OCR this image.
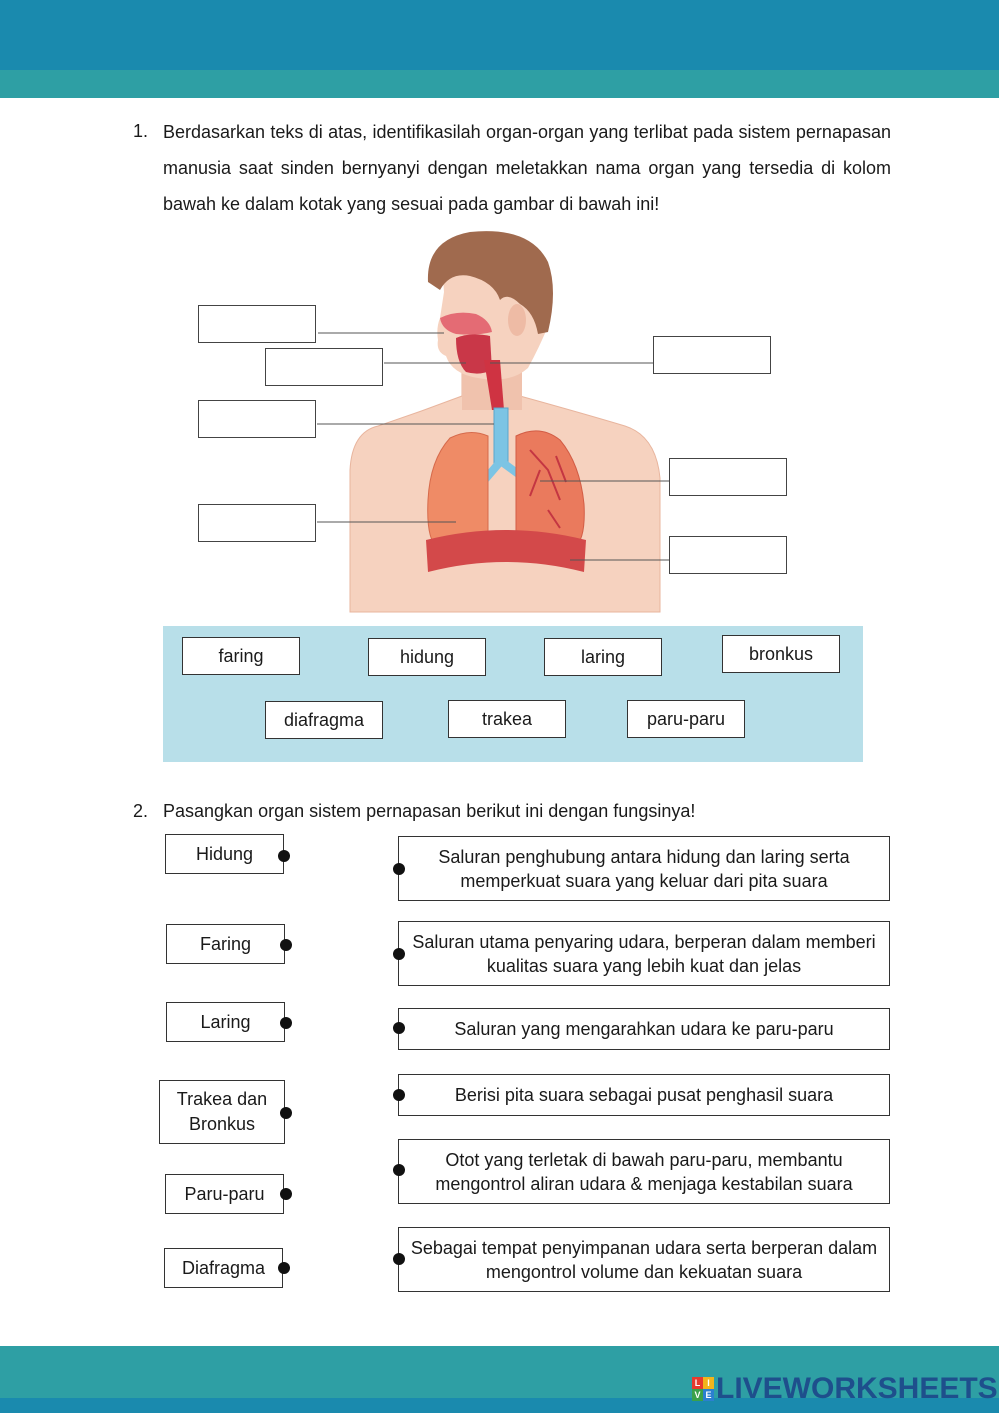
1. Berdasarkan teks di atas, identifikasilah organ-organ yang terlibat pada sistem pernapasan manusia saat sinden bernyanyi dengan meletakkan nama organ yang tersedia di kolom bawah ke dalam kotak yang sesuai pada gambar di bawah ini!
faring	hidung	laring	bronkus
diafragma	trakea	paru-paru
2. Pasangkan organ sistem pernapasan berikut ini dengan fungsinya!
Hidung
Faring
Laring
Trakea dan Bronkus
Paru-paru
Diafragma
Saluran penghubung antara hidung dan laring serta memperkuat suara yang keluar dari pita suara
Saluran utama penyaring udara, berperan dalam memberi kualitas suara yang lebih kuat dan jelas
Saluran yang mengarahkan udara ke paru-paru
Berisi pita suara sebagai pusat penghasil suara
Otot yang terletak di bawah paru-paru, membantu mengontrol aliran udara & menjaga kestabilan suara
Sebagai tempat penyimpanan udara serta berperan dalam mengontrol volume dan kekuatan suara
L I
V E LIVEWORKSHEETS
